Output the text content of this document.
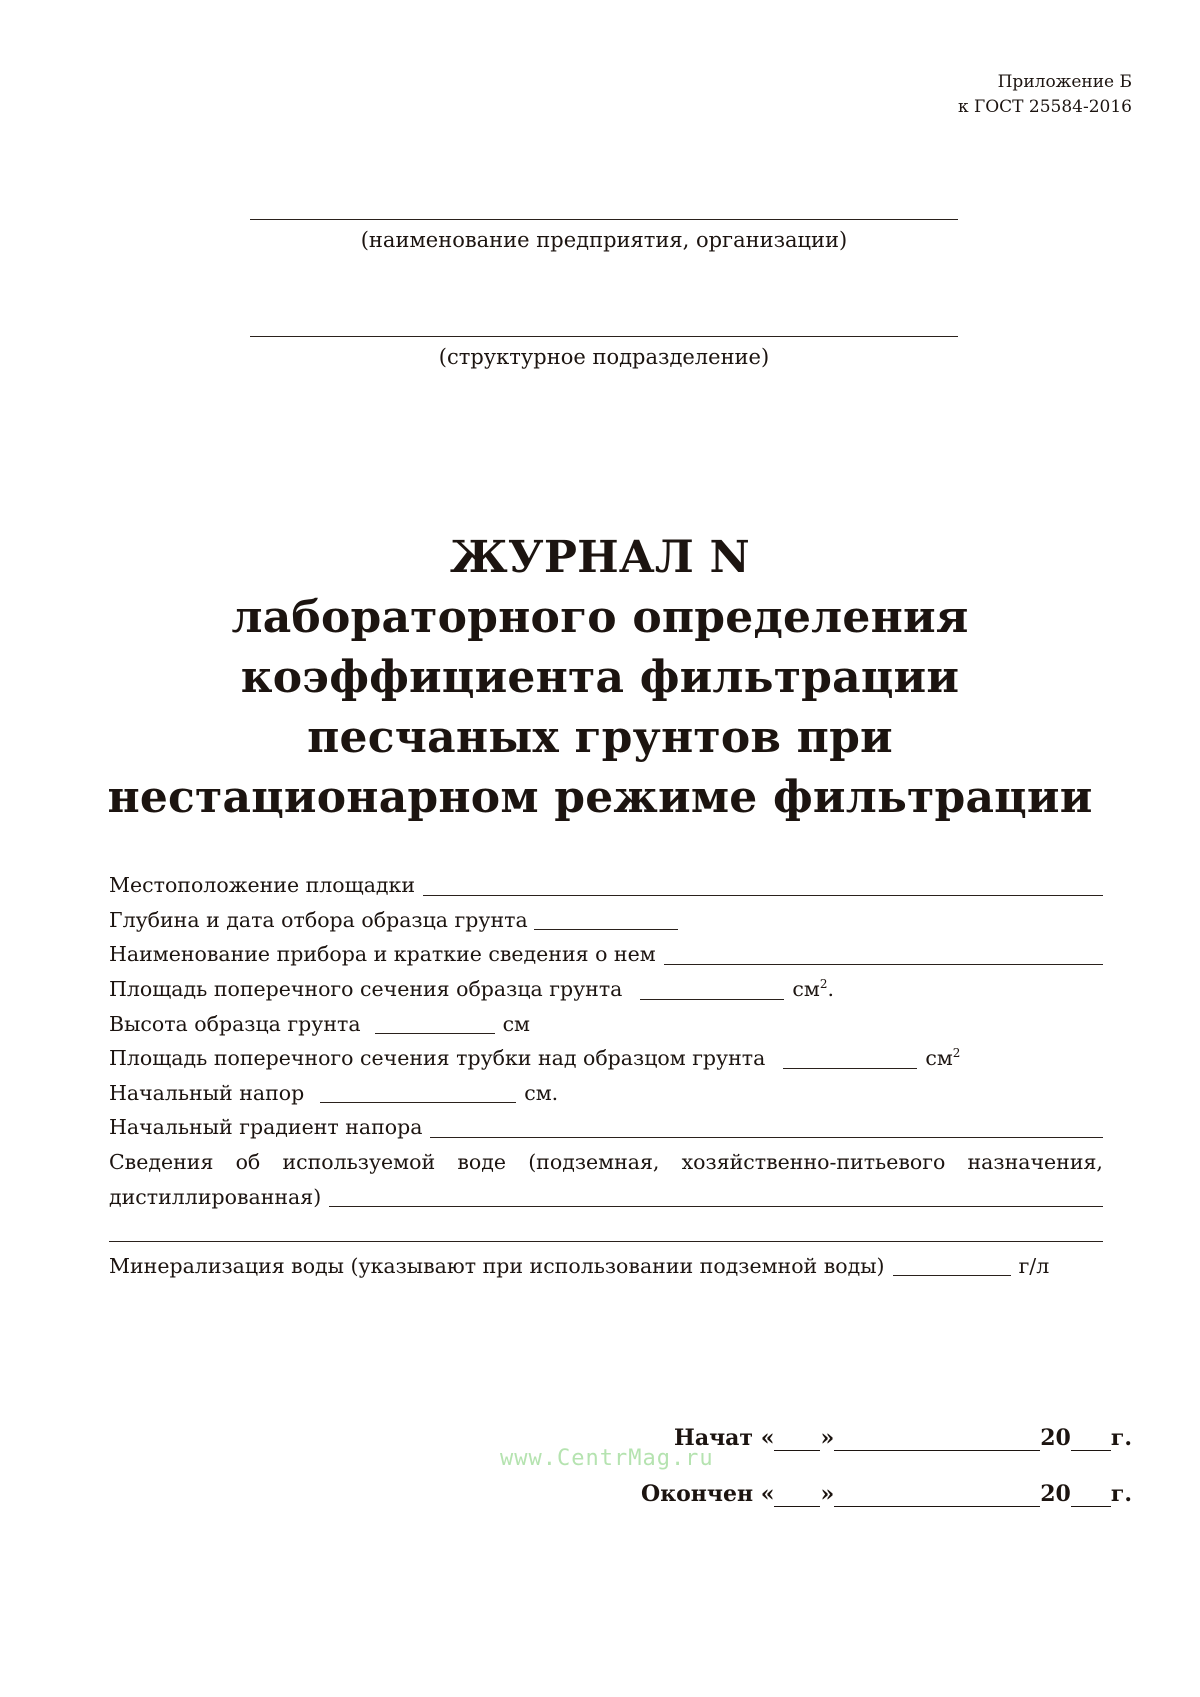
Приложение Б
к ГОСТ 25584-2016
(наименование предприятия, организации)
(структурное подразделение)
ЖУРНАЛ N
лабораторного определения
коэффициента фильтрации
песчаных грунтов при
нестационарном режиме фильтрации
Местоположение площадки
Глубина и дата отбора образца грунта
Наименование прибора и краткие сведения о нем
Площадь поперечного сечения образца грунта	$см^2$.
Высота образца грунта	см
Площадь поперечного сечения трубки над образцом грунта	$см^2$
Начальный напор	см.
Начальный градиент напора
Сведения об используемой воде (подземная, хозяйственно-питьевого назначения,
дистиллированная)
Минерализация воды (указывают при использовании подземной воды)	г/л
Начат « »	20 г.
Окончен « »	20 г.
www.CentrMag.ru
